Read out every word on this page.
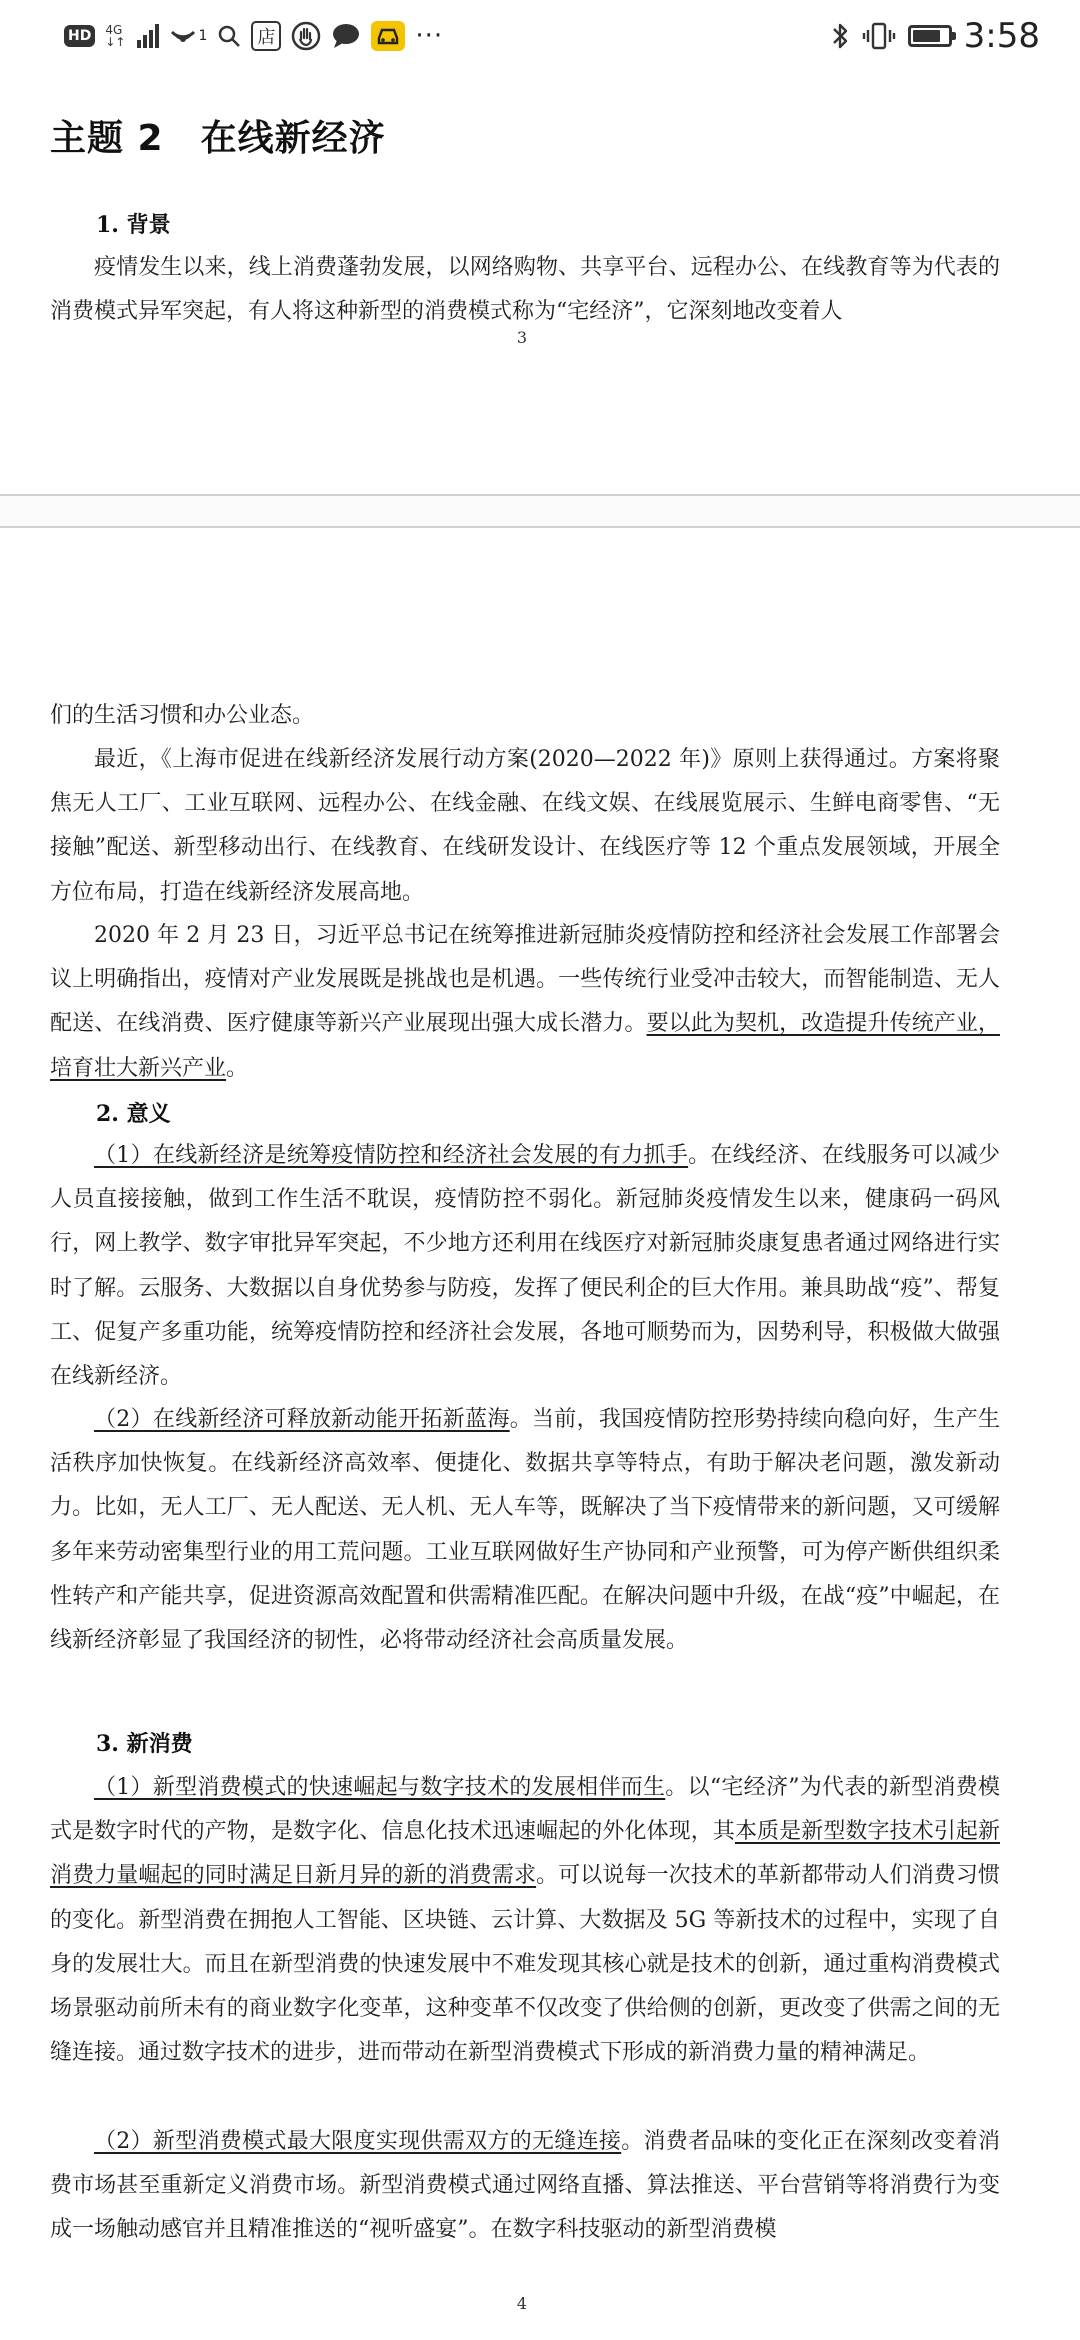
HD	4G
↓↑	1	店	···	3:58
主题 2　在线新经济
1. 背景
疫情发生以来，线上消费蓬勃发展，以网络购物、共享平台、远程办公、在线教育等为代表的消费模式异军突起，有人将这种新型的消费模式称为“宅经济”，它深刻地改变着人
3
们的生活习惯和办公业态。
最近，《上海市促进在线新经济发展行动方案(2020—2022 年)》原则上获得通过。方案将聚焦无人工厂、工业互联网、远程办公、在线金融、在线文娱、在线展览展示、生鲜电商零售、“无接触”配送、新型移动出行、在线教育、在线研发设计、在线医疗等 12 个重点发展领域，开展全方位布局，打造在线新经济发展高地。
2020 年 2 月 23 日，习近平总书记在统筹推进新冠肺炎疫情防控和经济社会发展工作部署会议上明确指出，疫情对产业发展既是挑战也是机遇。一些传统行业受冲击较大，而智能制造、无人配送、在线消费、医疗健康等新兴产业展现出强大成长潜力。要以此为契机，改造提升传统产业，培育壮大新兴产业。
2. 意义
（1）在线新经济是统筹疫情防控和经济社会发展的有力抓手。在线经济、在线服务可以减少人员直接接触，做到工作生活不耽误，疫情防控不弱化。新冠肺炎疫情发生以来，健康码一码风行，网上教学、数字审批异军突起，不少地方还利用在线医疗对新冠肺炎康复患者通过网络进行实时了解。云服务、大数据以自身优势参与防疫，发挥了便民利企的巨大作用。兼具助战“疫”、帮复工、促复产多重功能，统筹疫情防控和经济社会发展，各地可顺势而为，因势利导，积极做大做强在线新经济。
（2）在线新经济可释放新动能开拓新蓝海。当前，我国疫情防控形势持续向稳向好，生产生活秩序加快恢复。在线新经济高效率、便捷化、数据共享等特点，有助于解决老问题，激发新动力。比如，无人工厂、无人配送、无人机、无人车等，既解决了当下疫情带来的新问题，又可缓解多年来劳动密集型行业的用工荒问题。工业互联网做好生产协同和产业预警，可为停产断供组织柔性转产和产能共享，促进资源高效配置和供需精准匹配。在解决问题中升级，在战“疫”中崛起，在线新经济彰显了我国经济的韧性，必将带动经济社会高质量发展。
3. 新消费
（1）新型消费模式的快速崛起与数字技术的发展相伴而生。以“宅经济”为代表的新型消费模式是数字时代的产物，是数字化、信息化技术迅速崛起的外化体现，其本质是新型数字技术引起新消费力量崛起的同时满足日新月异的新的消费需求。可以说每一次技术的革新都带动人们消费习惯的变化。新型消费在拥抱人工智能、区块链、云计算、大数据及 5G 等新技术的过程中，实现了自身的发展壮大。而且在新型消费的快速发展中不难发现其核心就是技术的创新，通过重构消费模式场景驱动前所未有的商业数字化变革，这种变革不仅改变了供给侧的创新，更改变了供需之间的无缝连接。通过数字技术的进步，进而带动在新型消费模式下形成的新消费力量的精神满足。
（2）新型消费模式最大限度实现供需双方的无缝连接。消费者品味的变化正在深刻改变着消费市场甚至重新定义消费市场。新型消费模式通过网络直播、算法推送、平台营销等将消费行为变成一场触动感官并且精准推送的“视听盛宴”。在数字科技驱动的新型消费模
4
